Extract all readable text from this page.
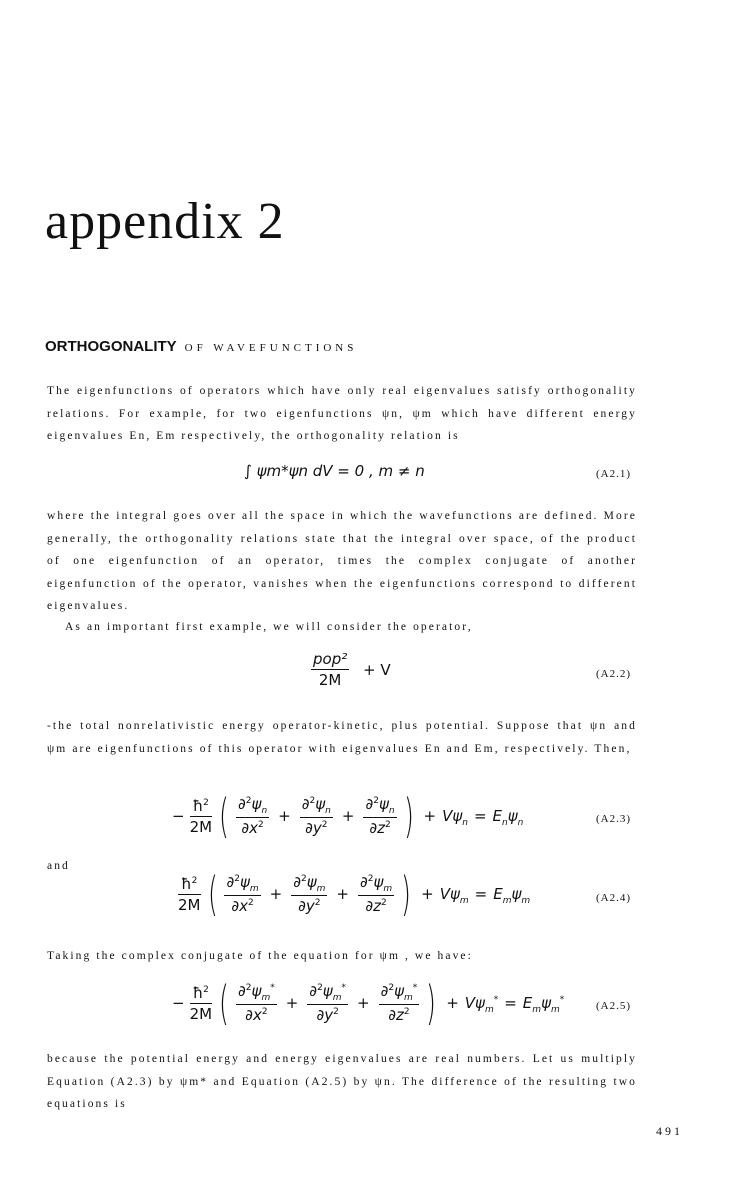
appendix 2
ORTHOGONALITY OF WAVEFUNCTIONS
The eigenfunctions of operators which have only real eigenvalues satisfy orthogonality relations. For example, for two eigenfunctions ψn, ψm which have different energy eigenvalues En, Em respectively, the orthogonality relation is
∫ ψm*ψn dV = 0 , m ≠ n	(A2.1)
where the integral goes over all the space in which the wavefunctions are defined. More generally, the orthogonality relations state that the integral over space, of the product of one eigenfunction of an operator, times the complex conjugate of another eigenfunction of the operator, vanishes when the eigenfunctions correspond to different eigenvalues.
As an important first example, we will consider the operator,
$\frac{\text{pop²}}{2M} + V$	(A2.2)
-the total nonrelativistic energy operator-kinetic, plus potential. Suppose that ψn and ψm are eigenfunctions of this operator with eigenvalues En and Em, respectively. Then,
− $\frac{ħ^2}{2M}$ ( $\frac{\partial^2\psi_n}{\partial x^2} + \frac{\partial^2\psi_n}{\partial y^2} + \frac{\partial^2\psi_n}{\partial z^2}$ ) + $V\psi_n = E_n\psi_n$	(A2.3)
and
$\frac{ħ^2}{2M}$ ( $\frac{\partial^2\psi_m}{\partial x^2} + \frac{\partial^2\psi_m}{\partial y^2} + \frac{\partial^2\psi_m}{\partial z^2}$ ) + $V\psi_m = E_m\psi_m$	(A2.4)
Taking the complex conjugate of the equation for ψm , we have:
− $\frac{ħ^2}{2M}$ ( $\frac{\partial^2\psi_m^*}{\partial x^2} + \frac{\partial^2\psi_m^*}{\partial y^2} + \frac{\partial^2\psi_m^*}{\partial z^2}$ ) + $V\psi_m^* = E_m\psi_m^*$
(A2.5)
because the potential energy and energy eigenvalues are real numbers. Let us multiply Equation (A2.3) by ψm* and Equation (A2.5) by ψn. The difference of the resulting two equations is
491
